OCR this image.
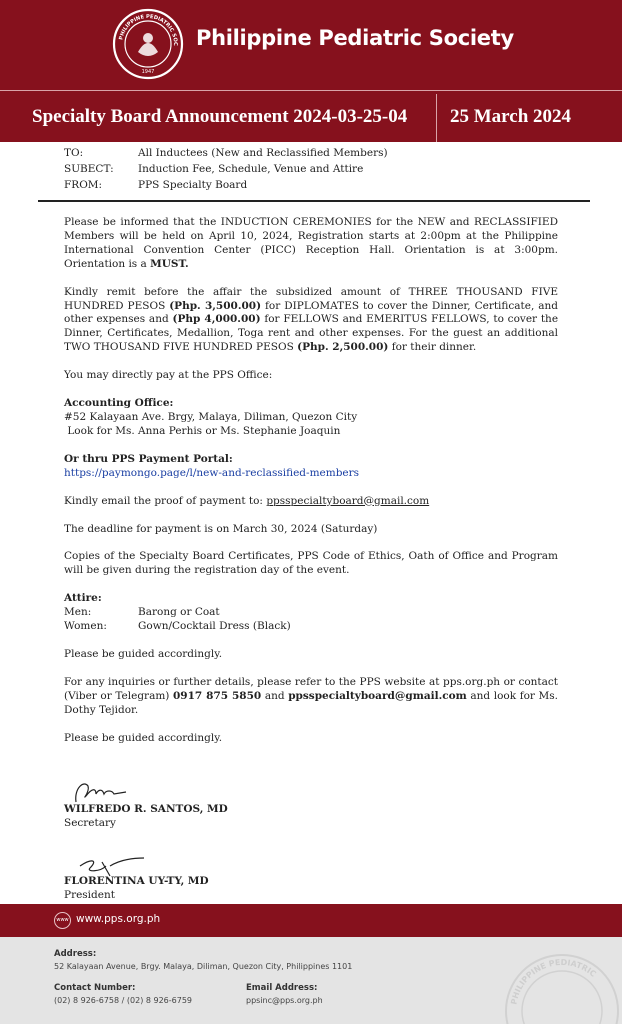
PHILIPPINE PEDIATRIC SOC
1947
Philippine Pediatric Society
Specialty Board Announcement 2024-03-25-04 25 March 2024
TO:	All Inductees (New and Reclassified Members)
SUBECT:	Induction Fee, Schedule, Venue and Attire
FROM:	PPS Specialty Board

Please be informed that the INDUCTION CEREMONIES for the NEW and RECLASSIFIED Members will be held on April 10, 2024, Registration starts at 2:00pm at the Philippine International Convention Center (PICC) Reception Hall. Orientation is at 3:00pm. Orientation is a MUST.

Kindly remit before the affair the subsidized amount of THREE THOUSAND FIVE HUNDRED PESOS (Php. 3,500.00) for DIPLOMATES to cover the Dinner, Certificate, and other expenses and (Php 4,000.00) for FELLOWS and EMERITUS FELLOWS, to cover the Dinner, Certificates, Medallion, Toga rent and other expenses. For the guest an additional TWO THOUSAND FIVE HUNDRED PESOS (Php. 2,500.00) for their dinner.

You may directly pay at the PPS Office:

Accounting Office:
#52 Kalayaan Ave. Brgy, Malaya, Diliman, Quezon City
Look for Ms. Anna Perhis or Ms. Stephanie Joaquin
Or thru PPS Payment Portal:
https://paymongo.page/l/new-and-reclassified-members

Kindly email the proof of payment to: ppsspecialtyboard@gmail.com

The deadline for payment is on March 30, 2024 (Saturday)

Copies of the Specialty Board Certificates, PPS Code of Ethics, Oath of Office and Program will be given during the registration day of the event.

Attire:
Men:	Barong or Coat
Women:	Gown/Cocktail Dress (Black)

Please be guided accordingly.

For any inquiries or further details, please refer to the PPS website at pps.org.ph or contact (Viber or Telegram) 0917 875 5850 and ppsspecialtyboard@gmail.com and look for Ms. Dothy Tejidor.

Please be guided accordingly.

WILFREDO R. SANTOS, MD
Secretary
FLORENTINA UY-TY, MD
President
www www.pps.org.ph
Address:
52 Kalayaan Avenue, Brgy. Malaya, Diliman, Quezon City, Philippines 1101
Contact Number:
(02) 8 926-6758 / (02) 8 926-6759
Email Address:
ppsinc@pps.org.ph	PHILIPPINE PEDIATRIC
